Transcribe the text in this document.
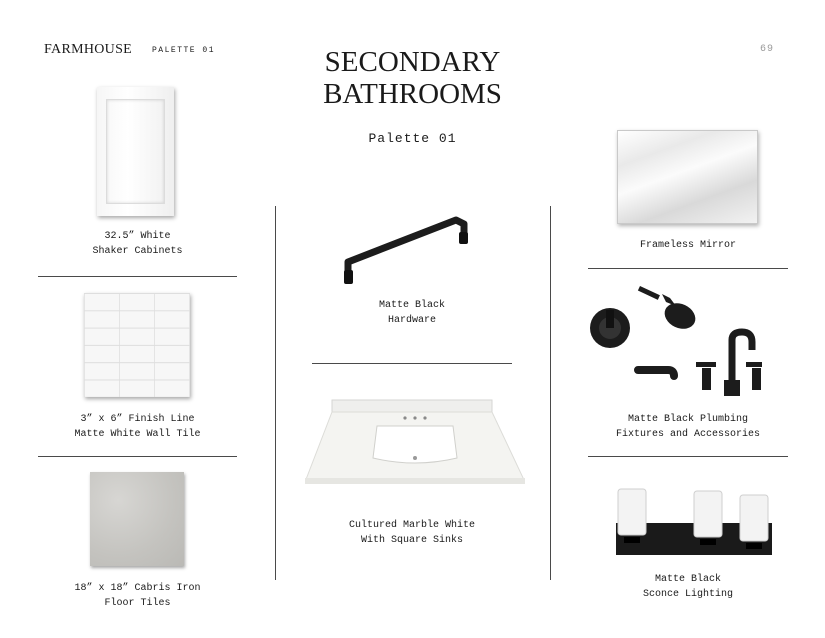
FARMHOUSE PALETTE 01	69
SECONDARY
BATHROOMS
Palette 01
32.5” White
Shaker Cabinets
3” x 6” Finish Line
Matte White Wall Tile
18” x 18” Cabris Iron
Floor Tiles
Matte Black
Hardware
Cultured Marble White
With Square Sinks
Frameless Mirror
Matte Black Plumbing
Fixtures and Accessories
Matte Black
Sconce Lighting
